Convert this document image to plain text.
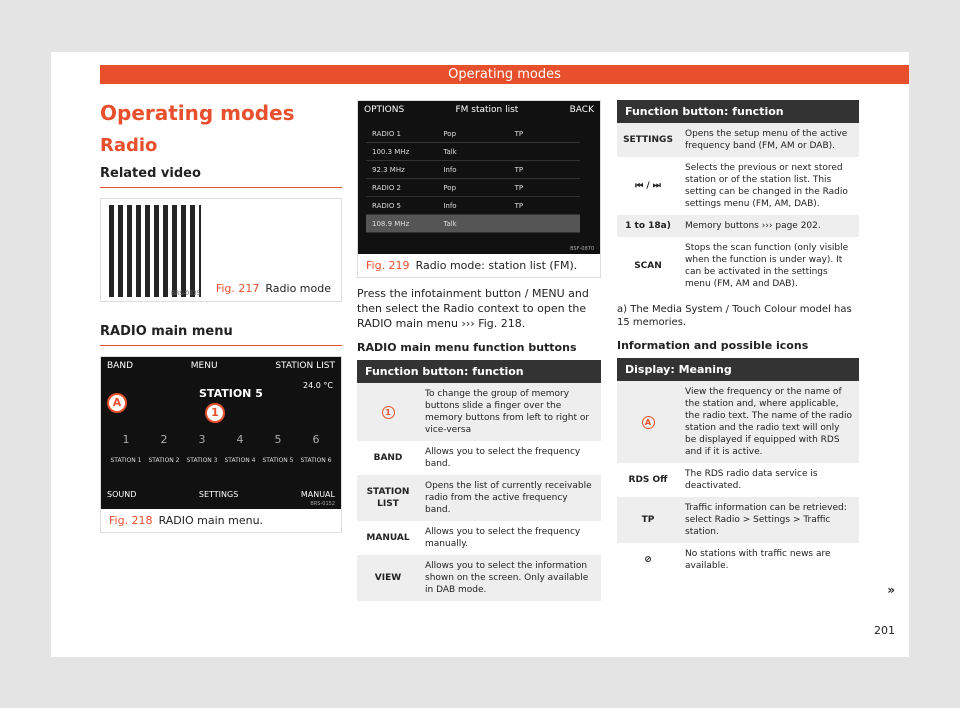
Operating modes
Operating modes
Radio
Related video
BRS-0335 Fig. 217 Radio mode
RADIO main menu
BAND	MENU	STATION LIST
STATION 5
24.0 °C
A
1
1	2	3	4	5	6
STATION 1 STATION 2 STATION 3 STATION 4 STATION 5 STATION 6
SOUND	SETTINGS	MANUAL
BRS-0152
Fig. 218 RADIO main menu.
OPTIONS	FM station list	BACK
RADIO 1	Pop	TP
100.3 MHz	Talk
92.3 MHz	Info	TP
RADIO 2	Pop	TP
RADIO 5	Info	TP
108.9 MHz	Talk
BSF-0870
Fig. 219 Radio mode: station list (FM).

Press the infotainment button / MENU and then select the Radio context to open the RADIO main menu ››› Fig. 218.

RADIO main menu function buttons
Function button: function	
1	To change the group of memory buttons slide a finger over the memory buttons from left to right or vice-versa
BAND	Allows you to select the frequency band.
STATION LIST	Opens the list of currently receivable radio from the active frequency band.
MANUAL	Allows you to select the frequency manually.
VIEW	Allows you to select the information shown on the screen. Only available in DAB mode.
Function button: function	
SETTINGS	Opens the setup menu of the active frequency band (FM, AM or DAB).
⏮ / ⏭	Selects the previous or next stored station or of the station list. This setting can be changed in the Radio settings menu (FM, AM, DAB).
1 to 18a)	Memory buttons ››› page 202.
SCAN	Stops the scan function (only visible when the function is under way). It can be activated in the settings menu (FM, AM and DAB).
a) The Media System / Touch Colour model has 15 memories.
Information and possible icons
Display: Meaning	
A	View the frequency or the name of the station and, where applicable, the radio text. The name of the radio station and the radio text will only be displayed if equipped with RDS and if it is active.
RDS Off	The RDS radio data service is deactivated.
TP	Traffic information can be retrieved: select Radio > Settings > Traffic station.
⊘	No stations with traffic news are available.
»
201
